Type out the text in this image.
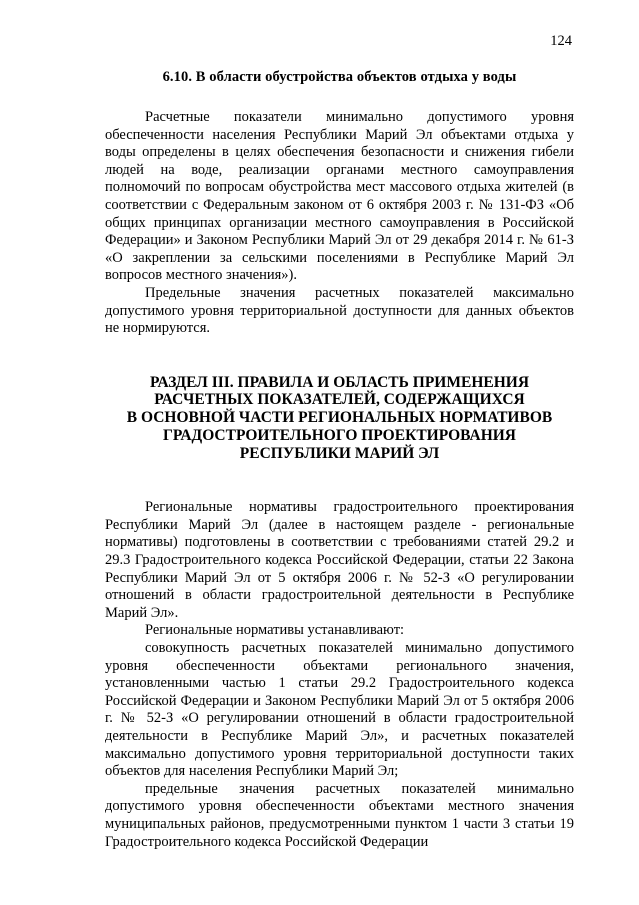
124

6.10. В области обустройства объектов отдыха у воды

Расчетные показатели минимально допустимого уровня обеспеченности населения Республики Марий Эл объектами отдыха у воды определены в целях обеспечения безопасности и снижения гибели людей на воде, реализации органами местного самоуправления полномочий по вопросам обустройства мест массового отдыха жителей (в соответствии с Федеральным законом от 6 октября 2003 г. № 131-ФЗ «Об общих принципах организации местного самоуправления в Российской Федерации» и Законом Республики Марий Эл от 29 декабря 2014 г. № 61-З «О закреплении за сельскими поселениями в Республике Марий Эл вопросов местного значения»).

Предельные значения расчетных показателей максимально допустимого уровня территориальной доступности для данных объектов не нормируются.

РАЗДЕЛ III. ПРАВИЛА И ОБЛАСТЬ ПРИМЕНЕНИЯ

РАСЧЕТНЫХ ПОКАЗАТЕЛЕЙ, СОДЕРЖАЩИХСЯ

В ОСНОВНОЙ ЧАСТИ РЕГИОНАЛЬНЫХ НОРМАТИВОВ

ГРАДОСТРОИТЕЛЬНОГО ПРОЕКТИРОВАНИЯ

РЕСПУБЛИКИ МАРИЙ ЭЛ

Региональные нормативы градостроительного проектирования Республики Марий Эл (далее в настоящем разделе - региональные нормативы) подготовлены в соответствии с требованиями статей 29.2 и 29.3 Градостроительного кодекса Российской Федерации, статьи 22 Закона Республики Марий Эл от 5 октября 2006 г. № 52-З «О регулировании отношений в области градостроительной деятельности в Республике Марий Эл».

Региональные нормативы устанавливают:

совокупность расчетных показателей минимально допустимого уровня обеспеченности объектами регионального значения, установленными частью 1 статьи 29.2 Градостроительного кодекса Российской Федерации и Законом Республики Марий Эл от 5 октября 2006 г. № 52-З «О регулировании отношений в области градостроительной деятельности в Республике Марий Эл», и расчетных показателей максимально допустимого уровня территориальной доступности таких объектов для населения Республики Марий Эл;

предельные значения расчетных показателей минимально допустимого уровня обеспеченности объектами местного значения муниципальных районов, предусмотренными пунктом 1 части 3 статьи 19 Градостроительного кодекса Российской Федерации
